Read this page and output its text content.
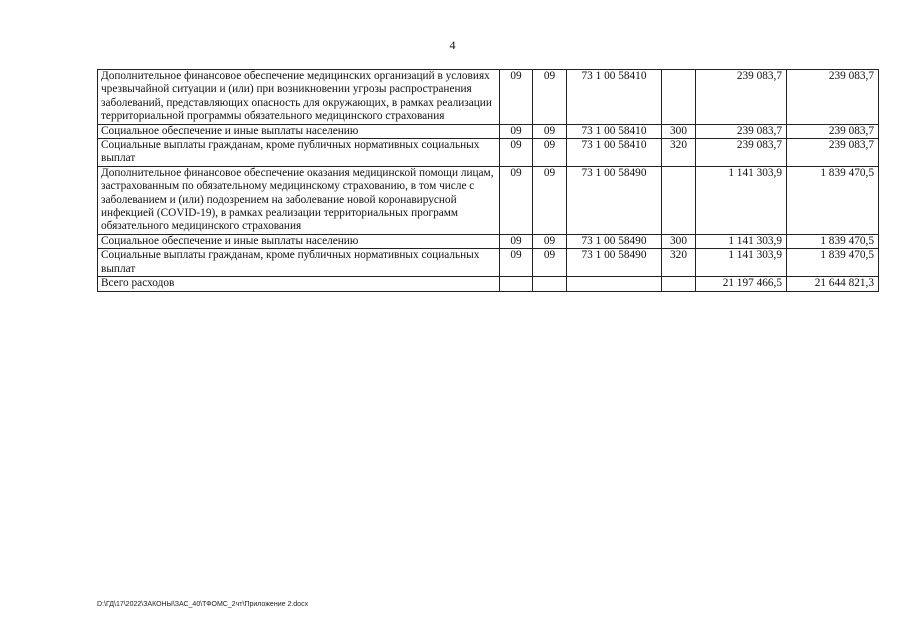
4
Дополнительное финансовое обеспечение медицинских организаций в условиях чрезвычайной ситуации и (или) при возникновении угрозы распространения заболеваний, представляющих опасность для окружающих, в рамках реализации территориальной программы обязательного медицинского страхования	09	09	73 1 00 58410		239 083,7	239 083,7
Социальное обеспечение и иные выплаты населению	09	09	73 1 00 58410	300	239 083,7	239 083,7
Социальные выплаты гражданам, кроме публичных нормативных социальных выплат	09	09	73 1 00 58410	320	239 083,7	239 083,7
Дополнительное финансовое обеспечение оказания медицинской помощи лицам, застрахованным по обязательному медицинскому страхованию, в том числе с заболеванием и (или) подозрением на заболевание новой коронавирусной инфекцией (COVID-19), в рамках реализации территориальных программ обязательного медицинского страхования	09	09	73 1 00 58490		1 141 303,9	1 839 470,5
Социальное обеспечение и иные выплаты населению	09	09	73 1 00 58490	300	1 141 303,9	1 839 470,5
Социальные выплаты гражданам, кроме публичных нормативных социальных выплат	09	09	73 1 00 58490	320	1 141 303,9	1 839 470,5
Всего расходов					21 197 466,5	21 644 821,3
D:\ГД\17\2022\ЗАКОНЫ\ЗАС_40\ТФОМС_2чт\Приложение 2.docx
